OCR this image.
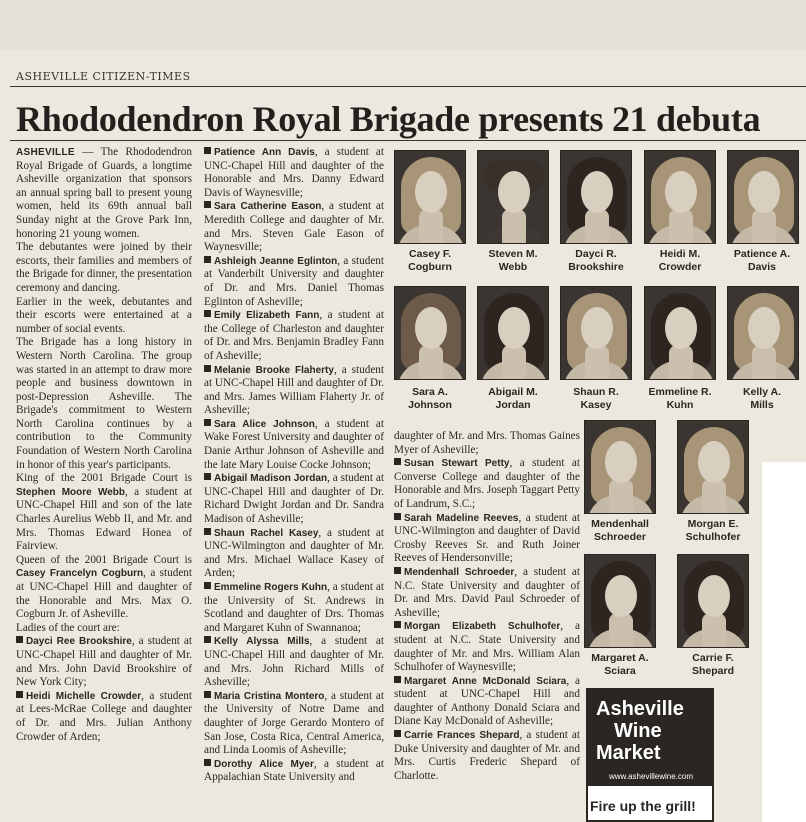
ASHEVILLE CITIZEN-TIMES
Rhododendron Royal Brigade presents 21 debuta

ASHEVILLE — The Rhododendron Royal Brigade of Guards, a longtime Asheville organization that sponsors an annual spring ball to present young women, held its 69th annual ball Sunday night at the Grove Park Inn, honoring 21 young women.

The debutantes were joined by their escorts, their families and members of the Brigade for dinner, the presentation ceremony and dancing.

Earlier in the week, debutantes and their escorts were entertained at a number of social events.

The Brigade has a long history in Western North Carolina. The group was started in an attempt to draw more people and business downtown in post-Depression Asheville. The Brigade's commitment to Western North Carolina continues by a contribution to the Community Foundation of Western North Carolina in honor of this year's participants.

King of the 2001 Brigade Court is Stephen Moore Webb, a student at UNC-Chapel Hill and son of the late Charles Aurelius Webb II, and Mr. and Mrs. Thomas Edward Honea of Fairview.

Queen of the 2001 Brigade Court is Casey Francelyn Cogburn, a student at UNC-Chapel Hill and daughter of the Honorable and Mrs. Max O. Cogburn Jr. of Asheville.

Ladies of the court are:

Dayci Ree Brookshire, a student at UNC-Chapel Hill and daughter of Mr. and Mrs. John David Brookshire of New York City;

Heidi Michelle Crowder, a student at Lees-McRae College and daughter of Dr. and Mrs. Julian Anthony Crowder of Arden;

Patience Ann Davis, a student at UNC-Chapel Hill and daughter of the Honorable and Mrs. Danny Edward Davis of Waynesville;

Sara Catherine Eason, a student at Meredith College and daughter of Mr. and Mrs. Steven Gale Eason of Waynesville;

Ashleigh Jeanne Eglinton, a student at Vanderbilt University and daughter of Dr. and Mrs. Daniel Thomas Eglinton of Asheville;

Emily Elizabeth Fann, a student at the College of Charleston and daughter of Dr. and Mrs. Benjamin Bradley Fann of Asheville;

Melanie Brooke Flaherty, a student at UNC-Chapel Hill and daughter of Dr. and Mrs. James William Flaherty Jr. of Asheville;

Sara Alice Johnson, a student at Wake Forest University and daughter of Danie Arthur Johnson of Asheville and the late Mary Louise Cocke Johnson;

Abigail Madison Jordan, a student at UNC-Chapel Hill and daughter of Dr. Richard Dwight Jordan and Dr. Sandra Madison of Asheville;

Shaun Rachel Kasey, a student at UNC-Wilmington and daughter of Mr. and Mrs. Michael Wallace Kasey of Arden;

Emmeline Rogers Kuhn, a student at the University of St. Andrews in Scotland and daughter of Drs. Thomas and Margaret Kuhn of Swannanoa;

Kelly Alyssa Mills, a student at UNC-Chapel Hill and daughter of Mr. and Mrs. John Richard Mills of Asheville;

Maria Cristina Montero, a student at the University of Notre Dame and daughter of Jorge Gerardo Montero of San Jose, Costa Rica, Central America, and Linda Loomis of Asheville;

Dorothy Alice Myer, a student at Appalachian State University and

daughter of Mr. and Mrs. Thomas Gaines Myer of Asheville;

Susan Stewart Petty, a student at Converse College and daughter of the Honorable and Mrs. Joseph Taggart Petty of Landrum, S.C.;

Sarah Madeline Reeves, a student at UNC-Wilmington and daughter of David Crosby Reeves Sr. and Ruth Joiner Reeves of Hendersonville;

Mendenhall Schroeder, a student at N.C. State University and daughter of Dr. and Mrs. David Paul Schroeder of Asheville;

Morgan Elizabeth Schulhofer, a student at N.C. State University and daughter of Mr. and Mrs. William Alan Schulhofer of Waynesville;

Margaret Anne McDonald Sciara, a student at UNC-Chapel Hill and daughter of Anthony Donald Sciara and Diane Kay McDonald of Asheville;

Carrie Frances Shepard, a student at Duke University and daughter of Mr. and Mrs. Curtis Frederic Shepard of Charlotte.

Casey F.
Cogburn
Steven M.
Webb
Dayci R.
Brookshire
Heidi M.
Crowder
Patience A.
Davis
Sara A.
Johnson
Abigail M.
Jordan
Shaun R.
Kasey
Emmeline R.
Kuhn
Kelly A.
Mills
Mendenhall
Schroeder
Morgan E.
Schulhofer
Margaret A.
Sciara
Carrie F.
Shepard
Asheville
Wine
Market
www.ashevillewine.com
Fire up the grill!
